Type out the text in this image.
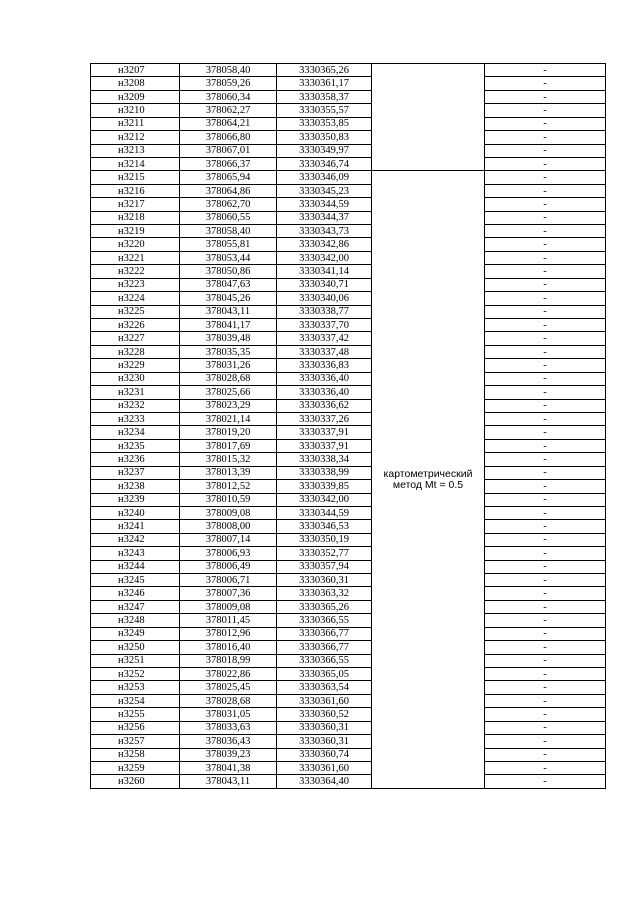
н3207	378058,40	3330365,26		-
н3208	378059,26	3330361,17		-
н3209	378060,34	3330358,37		-
н3210	378062,27	3330355,57		-
н3211	378064,21	3330353,85		-
н3212	378066,80	3330350,83		-
н3213	378067,01	3330349,97		-
н3214	378066,37	3330346,74		-
н3215	378065,94	3330346,09	картометрический метод Mt = 0.5	-
н3216	378064,86	3330345,23		-
н3217	378062,70	3330344,59		-
н3218	378060,55	3330344,37		-
н3219	378058,40	3330343,73		-
н3220	378055,81	3330342,86		-
н3221	378053,44	3330342,00		-
н3222	378050,86	3330341,14		-
н3223	378047,63	3330340,71		-
н3224	378045,26	3330340,06		-
н3225	378043,11	3330338,77		-
н3226	378041,17	3330337,70		-
н3227	378039,48	3330337,42		-
н3228	378035,35	3330337,48		-
н3229	378031,26	3330336,83		-
н3230	378028,68	3330336,40		-
н3231	378025,66	3330336,40		-
н3232	378023,29	3330336,62		-
н3233	378021,14	3330337,26		-
н3234	378019,20	3330337,91		-
н3235	378017,69	3330337,91		-
н3236	378015,32	3330338,34		-
н3237	378013,39	3330338,99		-
н3238	378012,52	3330339,85		-
н3239	378010,59	3330342,00		-
н3240	378009,08	3330344,59		-
н3241	378008,00	3330346,53		-
н3242	378007,14	3330350,19		-
н3243	378006,93	3330352,77		-
н3244	378006,49	3330357,94		-
н3245	378006,71	3330360,31		-
н3246	378007,36	3330363,32		-
н3247	378009,08	3330365,26		-
н3248	378011,45	3330366,55		-
н3249	378012,96	3330366,77		-
н3250	378016,40	3330366,77		-
н3251	378018,99	3330366,55		-
н3252	378022,86	3330365,05		-
н3253	378025,45	3330363,54		-
н3254	378028,68	3330361,60		-
н3255	378031,05	3330360,52		-
н3256	378033,63	3330360,31		-
н3257	378036,43	3330360,31		-
н3258	378039,23	3330360,74		-
н3259	378041,38	3330361,60		-
н3260	378043,11	3330364,40		-
